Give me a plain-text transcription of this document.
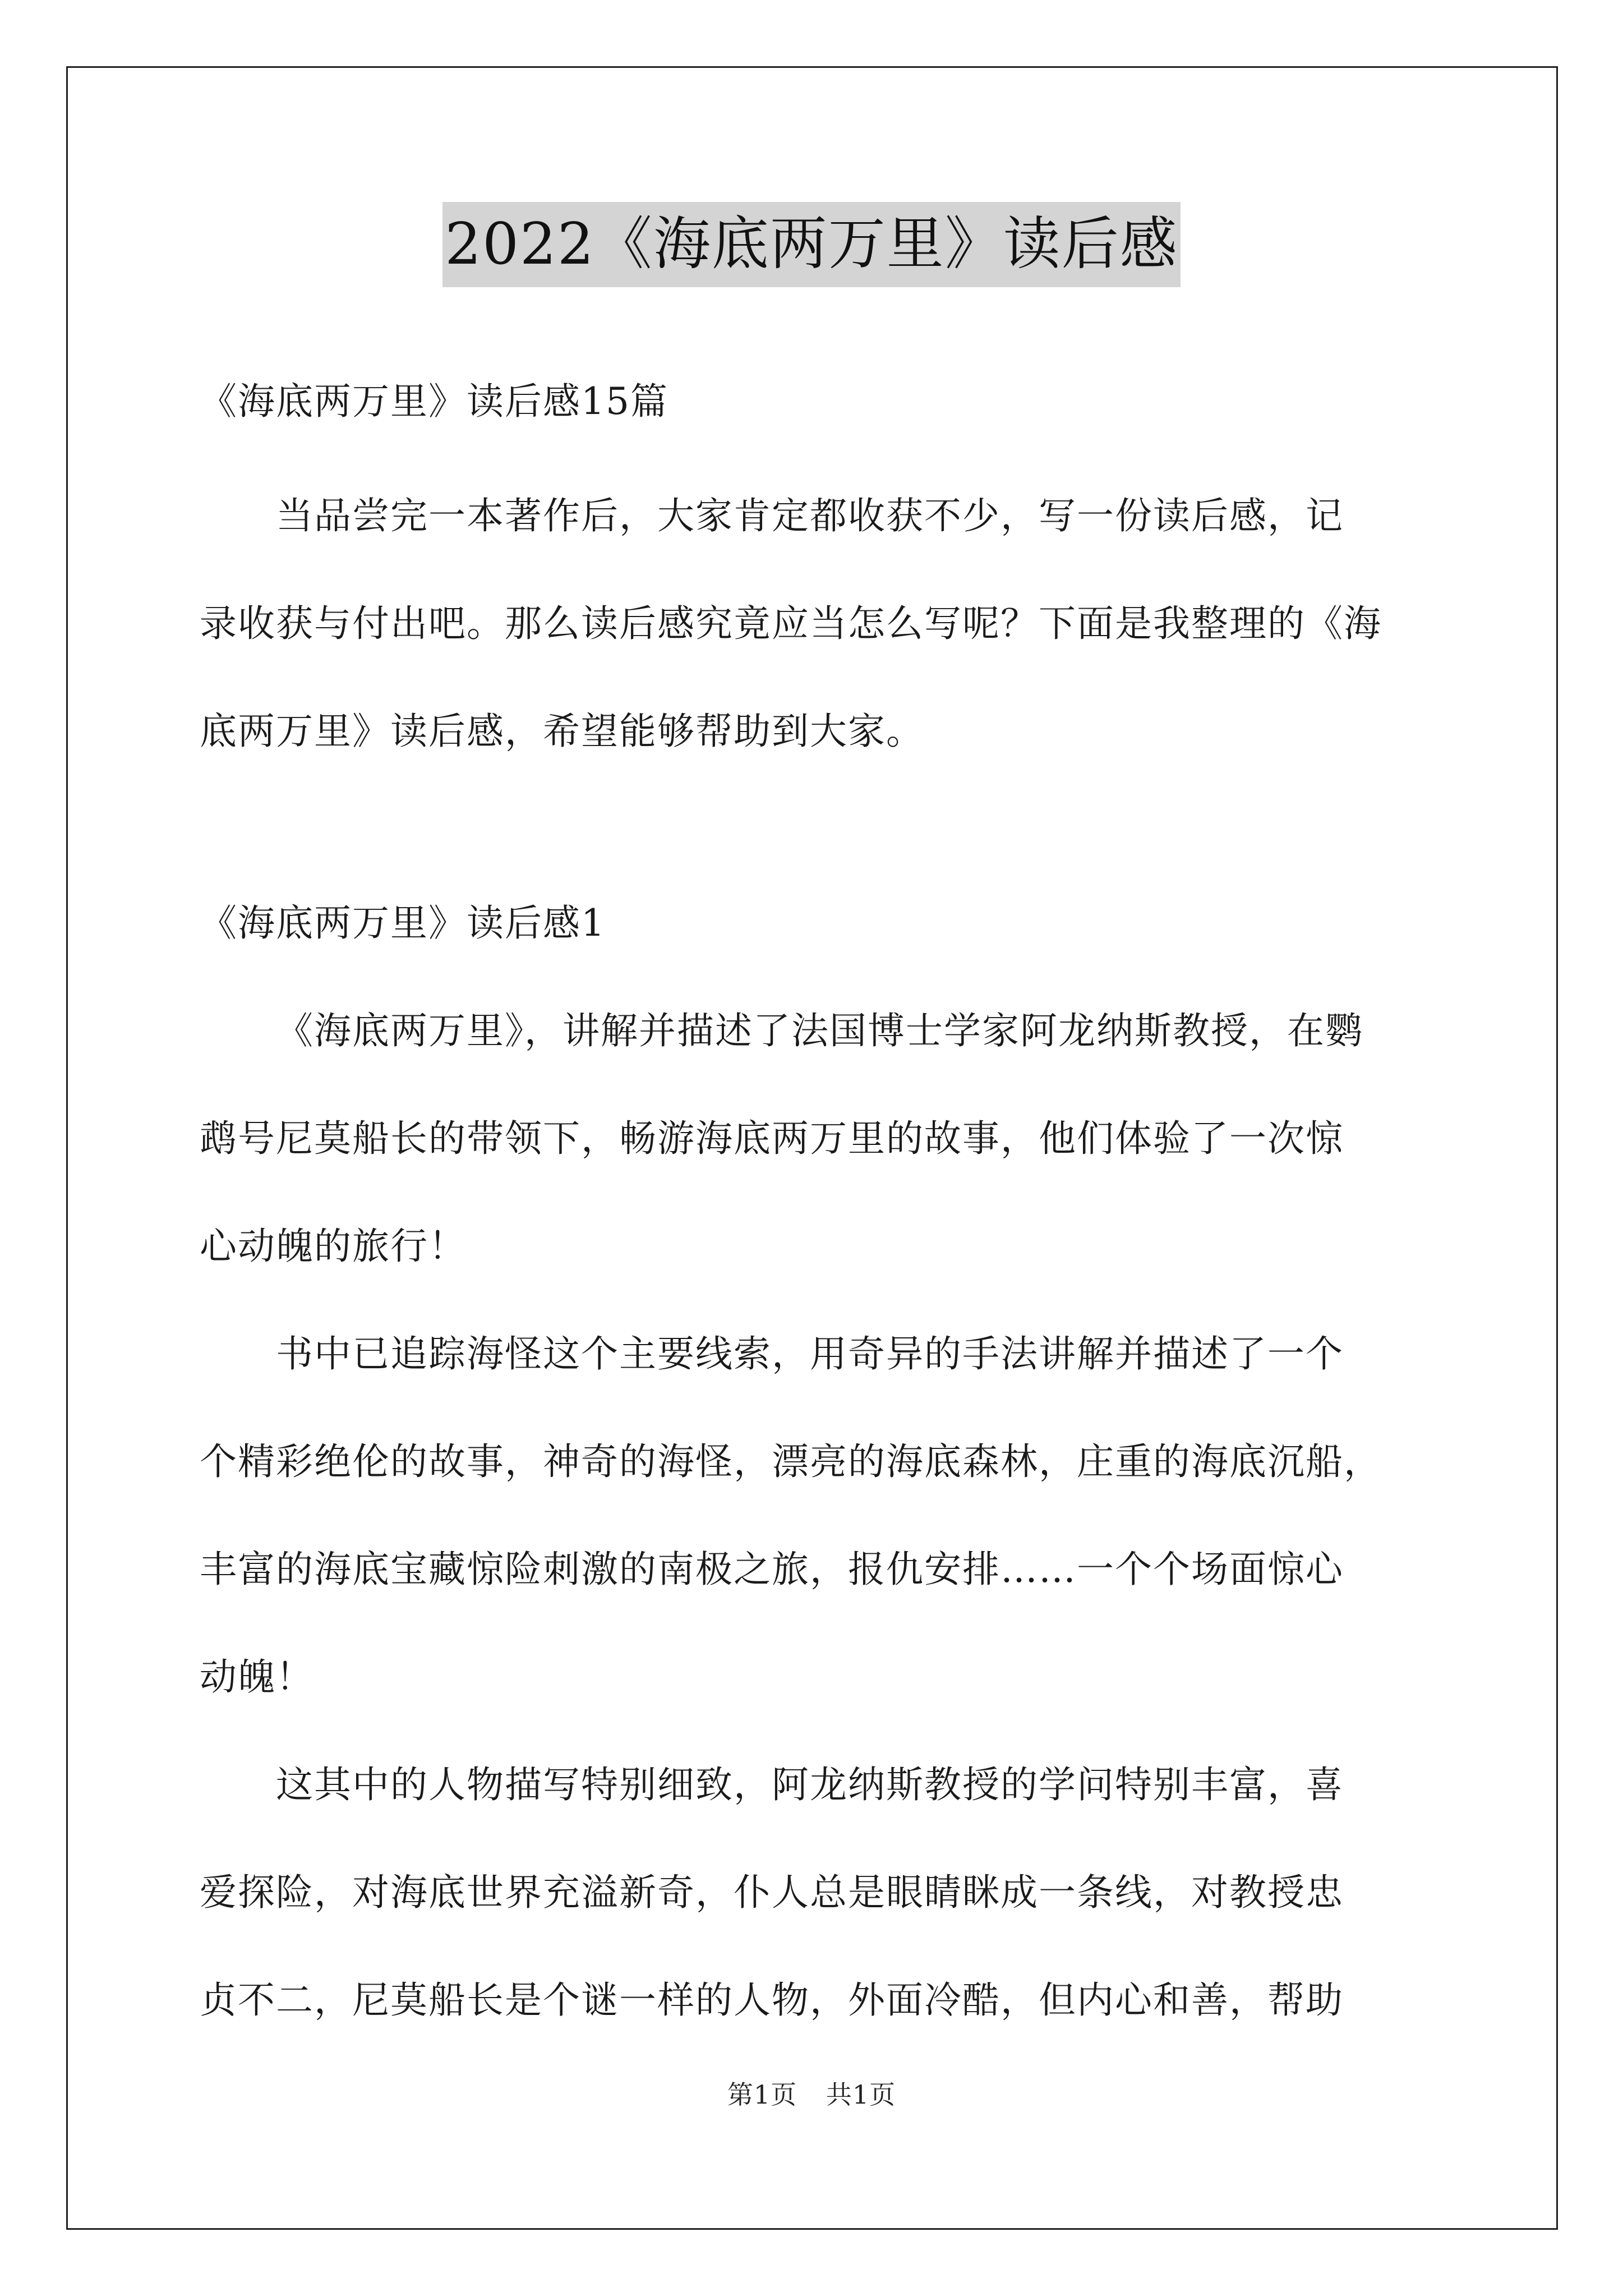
2022《海底两万里》读后感
《海底两万里》读后感15篇
当品尝完一本著作后，大家肯定都收获不少，写一份读后感，记
录收获与付出吧。那么读后感究竟应当怎么写呢？下面是我整理的《海
底两万里》读后感，希望能够帮助到大家。
《海底两万里》读后感1
《海底两万里》，讲解并描述了法国博士学家阿龙纳斯教授，在鹦
鹉号尼莫船长的带领下，畅游海底两万里的故事，他们体验了一次惊
心动魄的旅行！
书中已追踪海怪这个主要线索，用奇异的手法讲解并描述了一个
个精彩绝伦的故事，神奇的海怪，漂亮的海底森林，庄重的海底沉船，
丰富的海底宝藏惊险刺激的南极之旅，报仇安排……一个个场面惊心
动魄！
这其中的人物描写特别细致，阿龙纳斯教授的学问特别丰富，喜
爱探险，对海底世界充溢新奇，仆人总是眼睛眯成一条线，对教授忠
贞不二，尼莫船长是个谜一样的人物，外面冷酷，但内心和善，帮助
第1页 共1页
